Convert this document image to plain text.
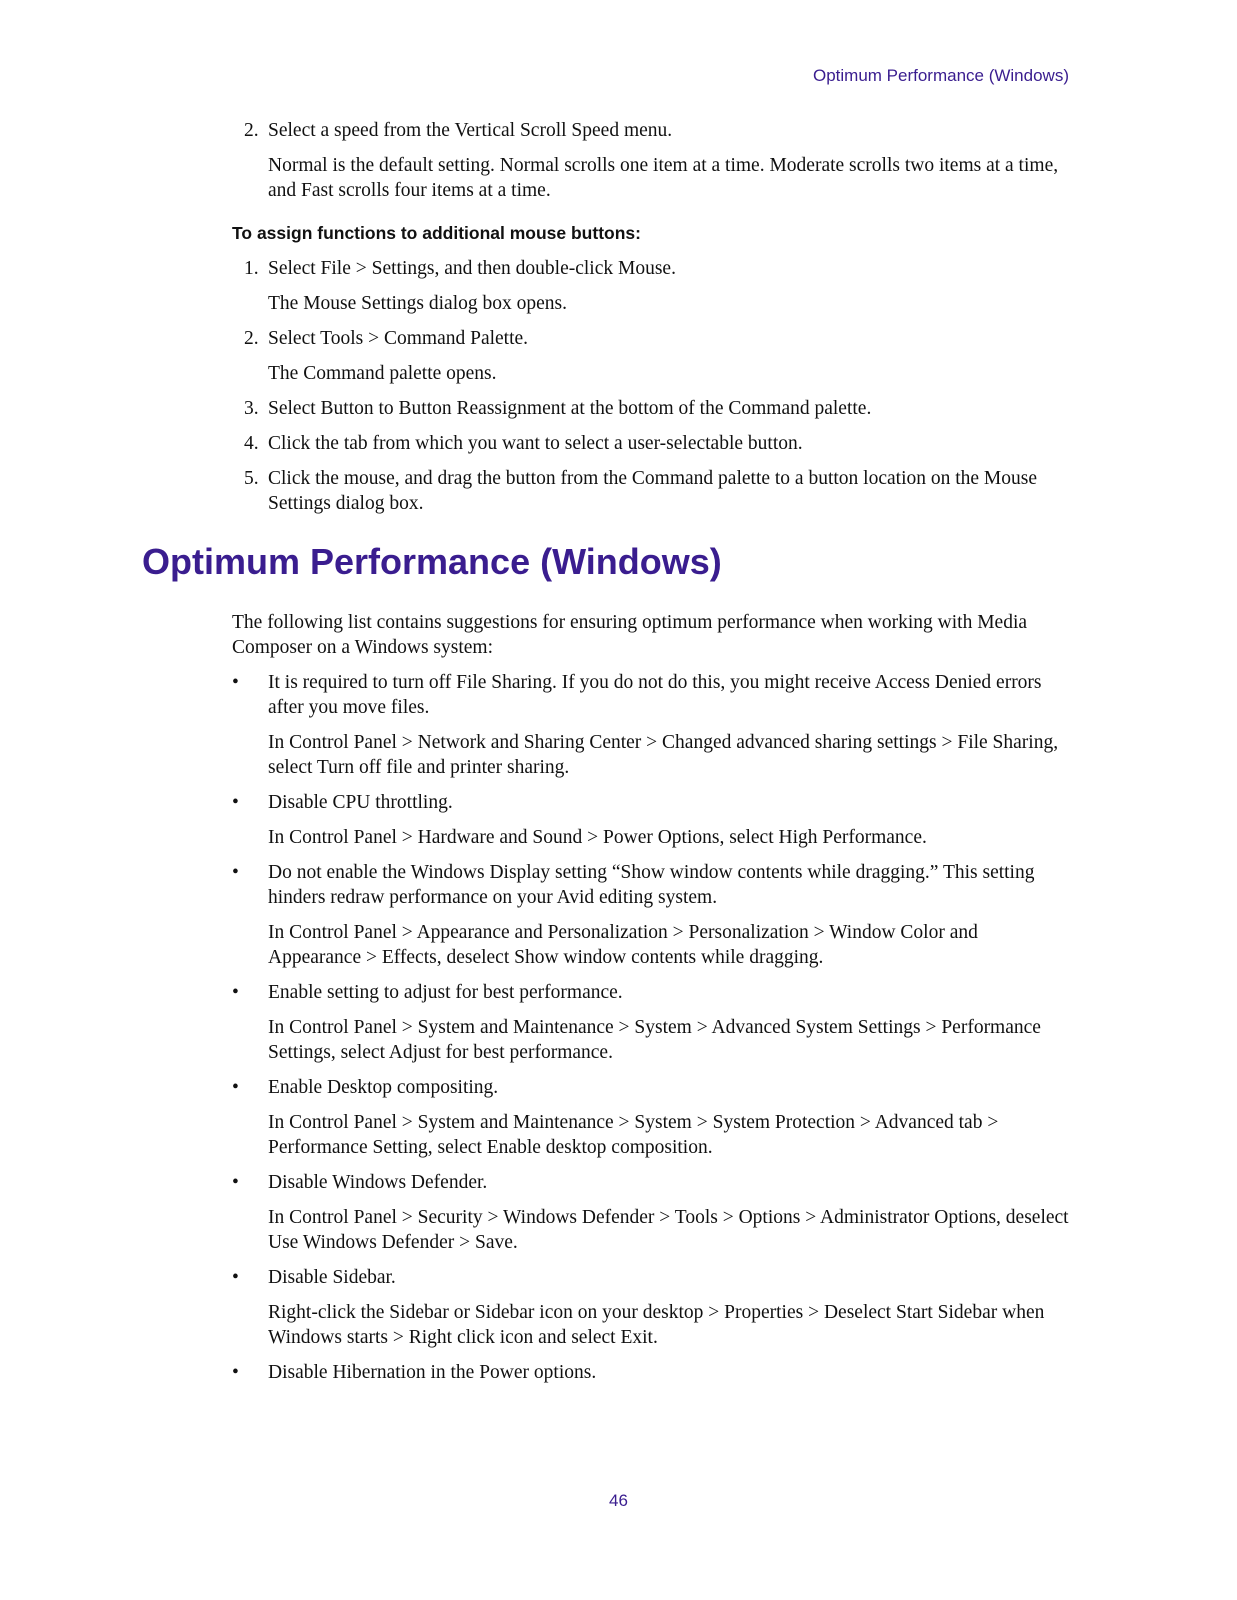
Optimum Performance (Windows)
2. Select a speed from the Vertical Scroll Speed menu.
Normal is the default setting. Normal scrolls one item at a time. Moderate scrolls two items at a time, and Fast scrolls four items at a time.
To assign functions to additional mouse buttons:
1. Select File > Settings, and then double-click Mouse.
The Mouse Settings dialog box opens.
2. Select Tools > Command Palette.
The Command palette opens.
3. Select Button to Button Reassignment at the bottom of the Command palette.
4. Click the tab from which you want to select a user-selectable button.
5. Click the mouse, and drag the button from the Command palette to a button location on the Mouse Settings dialog box.
Optimum Performance (Windows)
The following list contains suggestions for ensuring optimum performance when working with Media Composer on a Windows system:
•	It is required to turn off File Sharing. If you do not do this, you might receive Access Denied errors after you move files.
In Control Panel > Network and Sharing Center > Changed advanced sharing settings > File Sharing, select Turn off file and printer sharing.
•	Disable CPU throttling.
In Control Panel > Hardware and Sound > Power Options, select High Performance.
•	Do not enable the Windows Display setting “Show window contents while dragging.” This setting hinders redraw performance on your Avid editing system.
In Control Panel > Appearance and Personalization > Personalization > Window Color and Appearance > Effects, deselect Show window contents while dragging.
•	Enable setting to adjust for best performance.
In Control Panel > System and Maintenance > System > Advanced System Settings > Performance Settings, select Adjust for best performance.
•	Enable Desktop compositing.
In Control Panel > System and Maintenance > System > System Protection > Advanced tab > Performance Setting, select Enable desktop composition.
•	Disable Windows Defender.
In Control Panel > Security > Windows Defender > Tools > Options > Administrator Options, deselect Use Windows Defender > Save.
•	Disable Sidebar.
Right-click the Sidebar or Sidebar icon on your desktop > Properties > Deselect Start Sidebar when Windows starts > Right click icon and select Exit.
•	Disable Hibernation in the Power options.
46
